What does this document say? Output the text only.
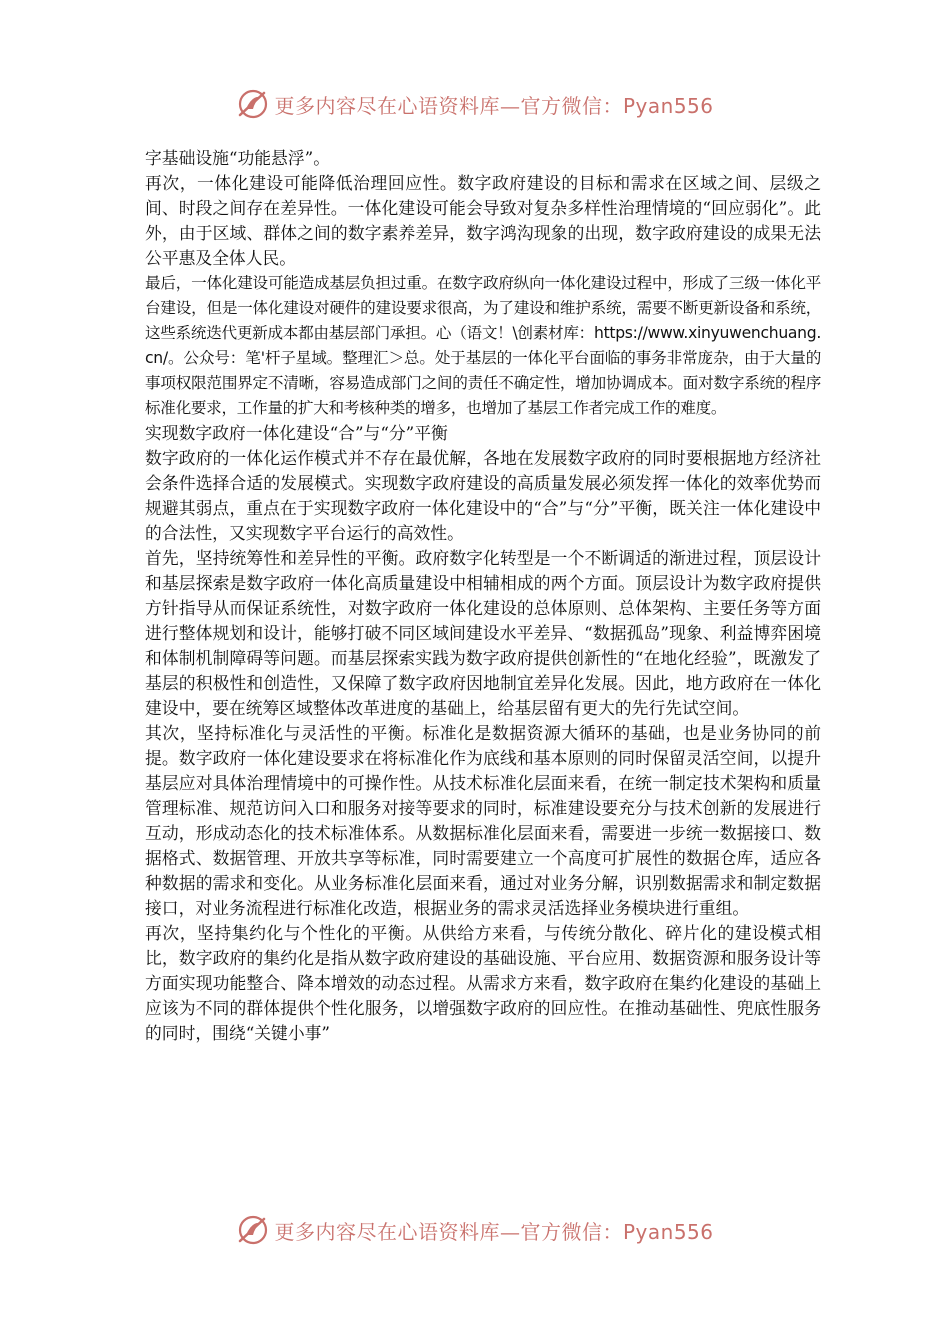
更多内容尽在心语资料库—官方微信：Pyan556

字基础设施“功能悬浮”。

再次，一体化建设可能降低治理回应性。数字政府建设的目标和需求在区域之间、层级之间、时段之间存在差异性。一体化建设可能会导致对复杂多样性治理情境的“回应弱化”。此外，由于区域、群体之间的数字素养差异，数字鸿沟现象的出现，数字政府建设的成果无法公平惠及全体人民。

最后，一体化建设可能造成基层负担过重。在数字政府纵向一体化建设过程中，形成了三级一体化平台建设，但是一体化建设对硬件的建设要求很高，为了建设和维护系统，需要不断更新设备和系统，这些系统迭代更新成本都由基层部门承担。心（语文！\创素材库：https://www.xinyuwenchuang.cn/。公众号：笔'杆子星域。整理汇＞总。处于基层的一体化平台面临的事务非常庞杂，由于大量的事项权限范围界定不清晰，容易造成部门之间的责任不确定性，增加协调成本。面对数字系统的程序标准化要求，工作量的扩大和考核种类的增多，也增加了基层工作者完成工作的难度。

实现数字政府一体化建设“合”与“分”平衡

数字政府的一体化运作模式并不存在最优解，各地在发展数字政府的同时要根据地方经济社会条件选择合适的发展模式。实现数字政府建设的高质量发展必须发挥一体化的效率优势而规避其弱点，重点在于实现数字政府一体化建设中的“合”与“分”平衡，既关注一体化建设中的合法性，又实现数字平台运行的高效性。

首先，坚持统筹性和差异性的平衡。政府数字化转型是一个不断调适的渐进过程，顶层设计和基层探索是数字政府一体化高质量建设中相辅相成的两个方面。顶层设计为数字政府提供方针指导从而保证系统性，对数字政府一体化建设的总体原则、总体架构、主要任务等方面进行整体规划和设计，能够打破不同区域间建设水平差异、“数据孤岛”现象、利益博弈困境和体制机制障碍等问题。而基层探索实践为数字政府提供创新性的“在地化经验”，既激发了基层的积极性和创造性，又保障了数字政府因地制宜差异化发展。因此，地方政府在一体化建设中，要在统筹区域整体改革进度的基础上，给基层留有更大的先行先试空间。

其次，坚持标准化与灵活性的平衡。标准化是数据资源大循环的基础，也是业务协同的前提。数字政府一体化建设要求在将标准化作为底线和基本原则的同时保留灵活空间，以提升基层应对具体治理情境中的可操作性。从技术标准化层面来看，在统一制定技术架构和质量管理标准、规范访问入口和服务对接等要求的同时，标准建设要充分与技术创新的发展进行互动，形成动态化的技术标准体系。从数据标准化层面来看，需要进一步统一数据接口、数据格式、数据管理、开放共享等标准，同时需要建立一个高度可扩展性的数据仓库，适应各种数据的需求和变化。从业务标准化层面来看，通过对业务分解，识别数据需求和制定数据接口，对业务流程进行标准化改造，根据业务的需求灵活选择业务模块进行重组。

再次，坚持集约化与个性化的平衡。从供给方来看，与传统分散化、碎片化的建设模式相比，数字政府的集约化是指从数字政府建设的基础设施、平台应用、数据资源和服务设计等方面实现功能整合、降本增效的动态过程。从需求方来看，数字政府在集约化建设的基础上应该为不同的群体提供个性化服务，以增强数字政府的回应性。在推动基础性、兜底性服务的同时，围绕“关键小事”

更多内容尽在心语资料库—官方微信：Pyan556
